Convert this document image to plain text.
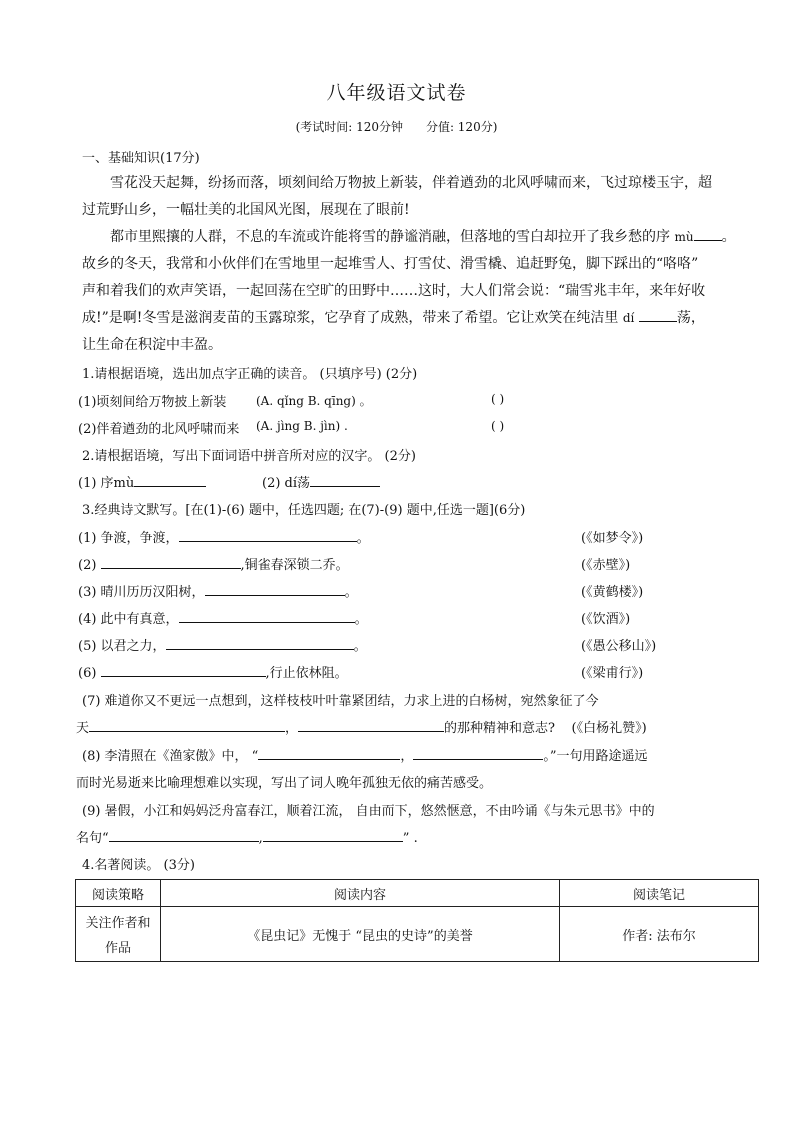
八年级语文试卷
(考试时间: 120分钟 分值: 120分)
一、基础知识(17分)
雪花没天起舞，纷扬而落，顷刻间给万物披上新装，伴着遒劲的北风呼啸而来，飞过琼楼玉宇，超
过荒野山乡，一幅壮美的北国风光图，展现在了眼前!
都市里熙攘的人群，不息的车流或许能将雪的静谧消融，但落地的雪白却拉开了我乡愁的序 mù 。
故乡的冬天，我常和小伙伴们在雪地里一起堆雪人、打雪仗、滑雪橇、追赶野兔，脚下踩出的“咯咯”
声和着我们的欢声笑语，一起回荡在空旷的田野中……这时，大人们常会说：“瑞雪兆丰年，来年好收
成!”是啊!冬雪是滋润麦苗的玉露琼浆，它孕育了成熟，带来了希望。它让欢笑在纯洁里 dí	荡，
让生命在积淀中丰盈。
1.请根据语境，选出加点字正确的读音。 (只填序号) (2分)
(1)顷刻间给万物披上新装 (A. qǐng B. qīng) 。	( )
(2)伴着遒劲的北风呼啸而来 (A. jìng B. jìn) .	( )
2.请根据语境，写出下面词语中拼音所对应的汉字。 (2分)
(1) 序mù	(2) dí荡
3.经典诗文默写。[在(1)-(6) 题中，任选四题; 在(7)-(9) 题中,任选一题](6分)
(1) 争渡，争渡，	。	(《如梦令》)
(2)	,铜雀春深锁二乔。	(《赤壁》)
(3) 晴川历历汉阳树，	。	(《黄鹤楼》)
(4) 此中有真意，	。	(《饮酒》)
(5) 以君之力，	。	(《愚公移山》)
(6)	,行止依林阻。	(《梁甫行》)
(7) 难道你又不更远一点想到，这样枝枝叶叶靠紧团结，力求上进的白杨树，宛然象征了今
天	，	的那种精神和意志? (《白杨礼赞》)
(8) 李清照在《渔家傲》中， “	，	。”一句用路途遥远
而时光易逝来比喻理想难以实现，写出了词人晚年孤独无依的痛苦感受。
(9) 暑假，小江和妈妈泛舟富春江，顺着江流， 自由而下，悠然惬意，不由吟诵《与朱元思书》中的
名句“	,	” .
4.名著阅读。 (3分)
阅读策略	阅读内容	阅读笔记

关注作者和
作品	《昆虫记》无愧于 “昆虫的史诗”的美誉	作者: 法布尔
